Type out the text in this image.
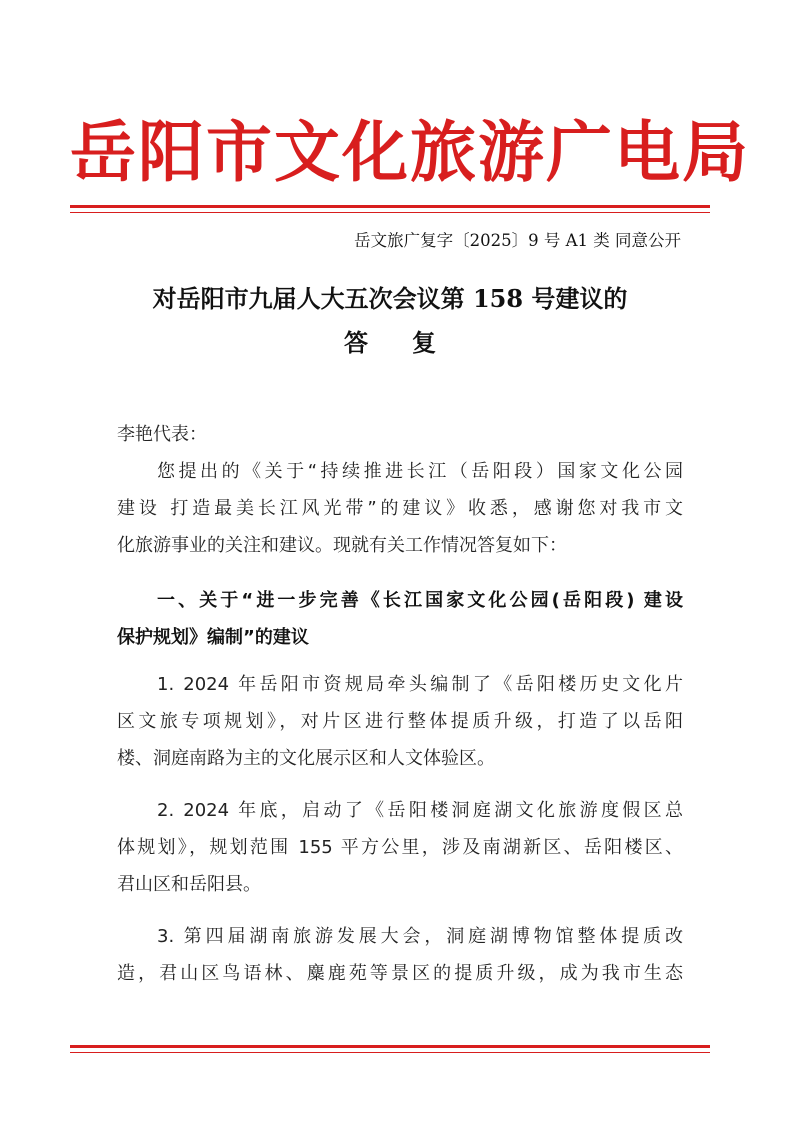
岳阳市文化旅游广电局
岳文旅广复字〔2025〕9 号 A1 类 同意公开
对岳阳市九届人大五次会议第 158 号建议的
答复
李艳代表：
您提出的《关于“持续推进长江（岳阳段）国家文化公园
建设 打造最美长江风光带”的建议》收悉，感谢您对我市文
化旅游事业的关注和建议。现就有关工作情况答复如下：
一、关于“进一步完善《长江国家文化公园(岳阳段) 建设
保护规划》编制”的建议
1. 2024 年岳阳市资规局牵头编制了《岳阳楼历史文化片
区文旅专项规划》，对片区进行整体提质升级，打造了以岳阳
楼、洞庭南路为主的文化展示区和人文体验区。
2. 2024 年底，启动了《岳阳楼洞庭湖文化旅游度假区总
体规划》，规划范围 155 平方公里，涉及南湖新区、岳阳楼区、
君山区和岳阳县。
3. 第四届湖南旅游发展大会，洞庭湖博物馆整体提质改
造，君山区鸟语林、麋鹿苑等景区的提质升级，成为我市生态
